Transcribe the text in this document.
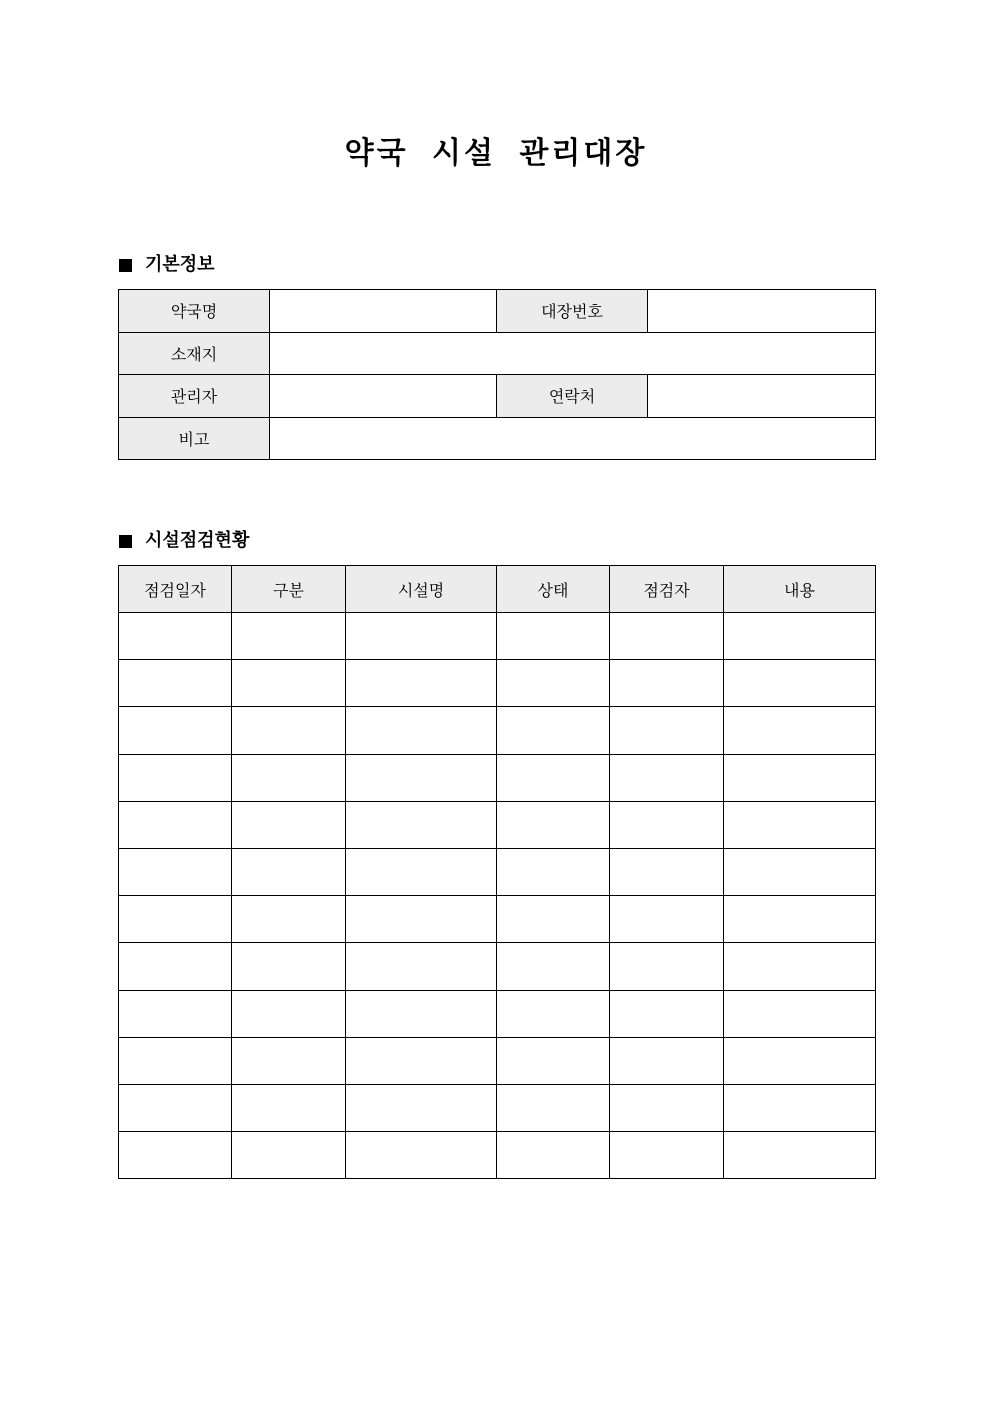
약국 시설 관리대장
기본정보
약국명		대장번호	
소재지			
관리자		연락처	
비고			
시설점검현황
점검일자	구분	시설명	상태	점검자	내용
